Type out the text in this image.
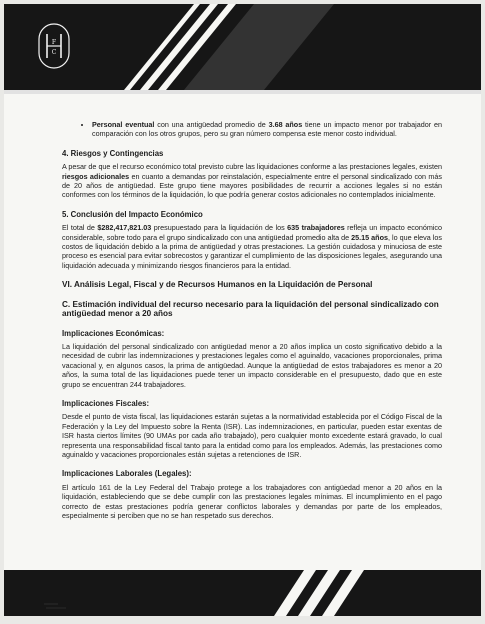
F
C
• Personal eventual con una antigüedad promedio de 3.68 años tiene un impacto menor por trabajador en comparación con los otros grupos, pero su gran número compensa este menor costo individual.
4. Riesgos y Contingencias

A pesar de que el recurso económico total previsto cubre las liquidaciones conforme a las prestaciones legales, existen riesgos adicionales en cuanto a demandas por reinstalación, especialmente entre el personal sindicalizado con más de 20 años de antigüedad. Este grupo tiene mayores posibilidades de recurrir a acciones legales si no están conformes con los términos de la liquidación, lo que podría generar costos adicionales no contemplados inicialmente.

5. Conclusión del Impacto Económico

El total de $282,417,821.03 presupuestado para la liquidación de los 635 trabajadores refleja un impacto económico considerable, sobre todo para el grupo sindicalizado con una antigüedad promedio alta de 25.15 años, lo que eleva los costos de liquidación debido a la prima de antigüedad y otras prestaciones. La gestión cuidadosa y minuciosa de este proceso es esencial para evitar sobrecostos y garantizar el cumplimiento de las disposiciones legales, asegurando una liquidación adecuada y minimizando riesgos financieros para la entidad.

VI. Análisis Legal, Fiscal y de Recursos Humanos en la Liquidación de Personal
C. Estimación individual del recurso necesario para la liquidación del personal sindicalizado con antigüedad menor a 20 años
Implicaciones Económicas:

La liquidación del personal sindicalizado con antigüedad menor a 20 años implica un costo significativo debido a la necesidad de cubrir las indemnizaciones y prestaciones legales como el aguinaldo, vacaciones proporcionales, prima vacacional y, en algunos casos, la prima de antigüedad. Aunque la antigüedad de estos trabajadores es menor a 20 años, la suma total de las liquidaciones puede tener un impacto considerable en el presupuesto, dado que en este grupo se encuentran 244 trabajadores.

Implicaciones Fiscales:

Desde el punto de vista fiscal, las liquidaciones estarán sujetas a la normatividad establecida por el Código Fiscal de la Federación y la Ley del Impuesto sobre la Renta (ISR). Las indemnizaciones, en particular, pueden estar exentas de ISR hasta ciertos límites (90 UMAs por cada año trabajado), pero cualquier monto excedente estará gravado, lo cual representa una responsabilidad fiscal tanto para la entidad como para los empleados. Además, las prestaciones como aguinaldo y vacaciones proporcionales están sujetas a retenciones de ISR.

Implicaciones Laborales (Legales):

El artículo 161 de la Ley Federal del Trabajo protege a los trabajadores con antigüedad menor a 20 años en la liquidación, estableciendo que se debe cumplir con las prestaciones legales mínimas. El incumplimiento en el pago correcto de estas prestaciones podría generar conflictos laborales y demandas por parte de los empleados, especialmente si perciben que no se han respetado sus derechos.
